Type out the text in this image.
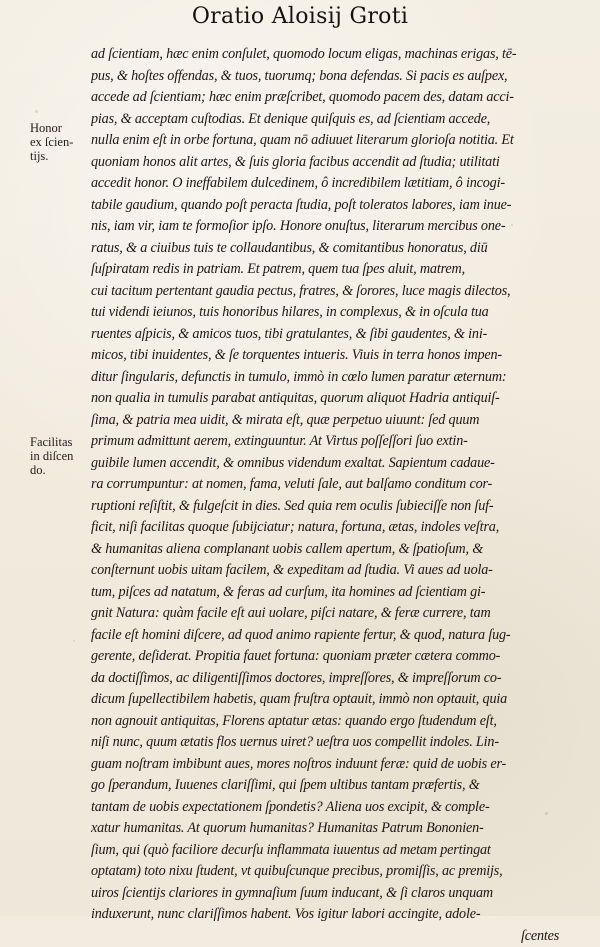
Oratio Aloisij Groti
Honor
ex ſcien-
tijs.
Facilitas
in diſcen
do.
ad ſcientiam, hæc enim conſulet, quomodo locum eligas, machinas erigas, tē-
pus, & hoſtes offendas, & tuos, tuorumq; bona defendas. Si pacis es auſpex,
accede ad ſcientiam; hæc enim præſcribet, quomodo pacem des, datam acci-
pias, & acceptam cuſtodias. Et denique quiſquis es, ad ſcientiam accede,
nulla enim eſt in orbe fortuna, quam nō adiuuet literarum glorioſa notitia. Et
quoniam honos alit artes, & ſuis gloria facibus accendit ad ſtudia; utilitati
accedit honor. O ineffabilem dulcedinem, ô incredibilem lætitiam, ô incogi-
tabile gaudium, quando poſt peracta ſtudia, poſt toleratos labores, iam inue-
nis, iam vir, iam te formoſior ipſo. Honore onuſtus, literarum mercibus one-
ratus, & a ciuibus tuis te collaudantibus, & comitantibus honoratus, diū
ſuſpiratam redis in patriam. Et patrem, quem tua ſpes aluit, matrem,
cui tacitum pertentant gaudia pectus, fratres, & ſorores, luce magis dilectos,
tui videndi ieiunos, tuis honoribus hilares, in complexus, & in oſcula tua
ruentes aſpicis, & amicos tuos, tibi gratulantes, & ſibi gaudentes, & ini-
micos, tibi inuidentes, & ſe torquentes intueris. Viuis in terra honos impen-
ditur ſingularis, defunctis in tumulo, immò in cœlo lumen paratur æternum:
non qualia in tumulis parabat antiquitas, quorum aliquot Hadria antiquiſ-
ſima, & patria mea uidit, & mirata eſt, quæ perpetuo uiuunt: ſed quum
primum admittunt aerem, extinguuntur. At Virtus poſſeſſori ſuo extin-
guibile lumen accendit, & omnibus videndum exaltat. Sapientum cadaue-
ra corrumpuntur: at nomen, fama, veluti ſale, aut balſamo conditum cor-
ruptioni reſiſtit, & fulgeſcit in dies. Sed quia rem oculis ſubieciſſe non ſuf-
ficit, niſi facilitas quoque ſubijciatur; natura, fortuna, ætas, indoles veſtra,
& humanitas aliena complanant uobis callem apertum, & ſpatioſum, &
conſternunt uobis uitam facilem, & expeditam ad ſtudia. Vi aues ad uola-
tum, piſces ad natatum, & feras ad curſum, ita homines ad ſcientiam gi-
gnit Natura: quàm facile eſt aui uolare, piſci natare, & feræ currere, tam
facile eſt homini diſcere, ad quod animo rapiente fertur, & quod, natura ſug-
gerente, deſiderat. Propitia fauet fortuna: quoniam præter cætera commo-
da doctiſſimos, ac diligentiſſimos doctores, impreſſores, & impreſſorum co-
dicum ſupellectibilem habetis, quam fruſtra optauit, immò non optauit, quia
non agnouit antiquitas, Florens aptatur ætas: quando ergo ſtudendum eſt,
niſi nunc, quum ætatis flos uernus uiret? ueſtra uos compellit indoles. Lin-
guam noſtram imbibunt aues, mores noſtros induunt feræ: quid de uobis er-
go ſperandum, Iuuenes clariſſimi, qui ſpem ultibus tantam præfertis, &
tantam de uobis expectationem ſpondetis? Aliena uos excipit, & comple-
xatur humanitas. At quorum humanitas? Humanitas Patrum Bononien-
ſium, qui (quò faciliore decurſu inflammata iuuentus ad metam pertingat
optatam) toto nixu ſtudent, vt quibuſcunque precibus, promiſſis, ac premijs,
uiros ſcientijs clariores in gymnaſium ſuum inducant, & ſi claros unquam
induxerunt, nunc clariſſimos habent. Vos igitur labori accingite, adole-
ſcentes
